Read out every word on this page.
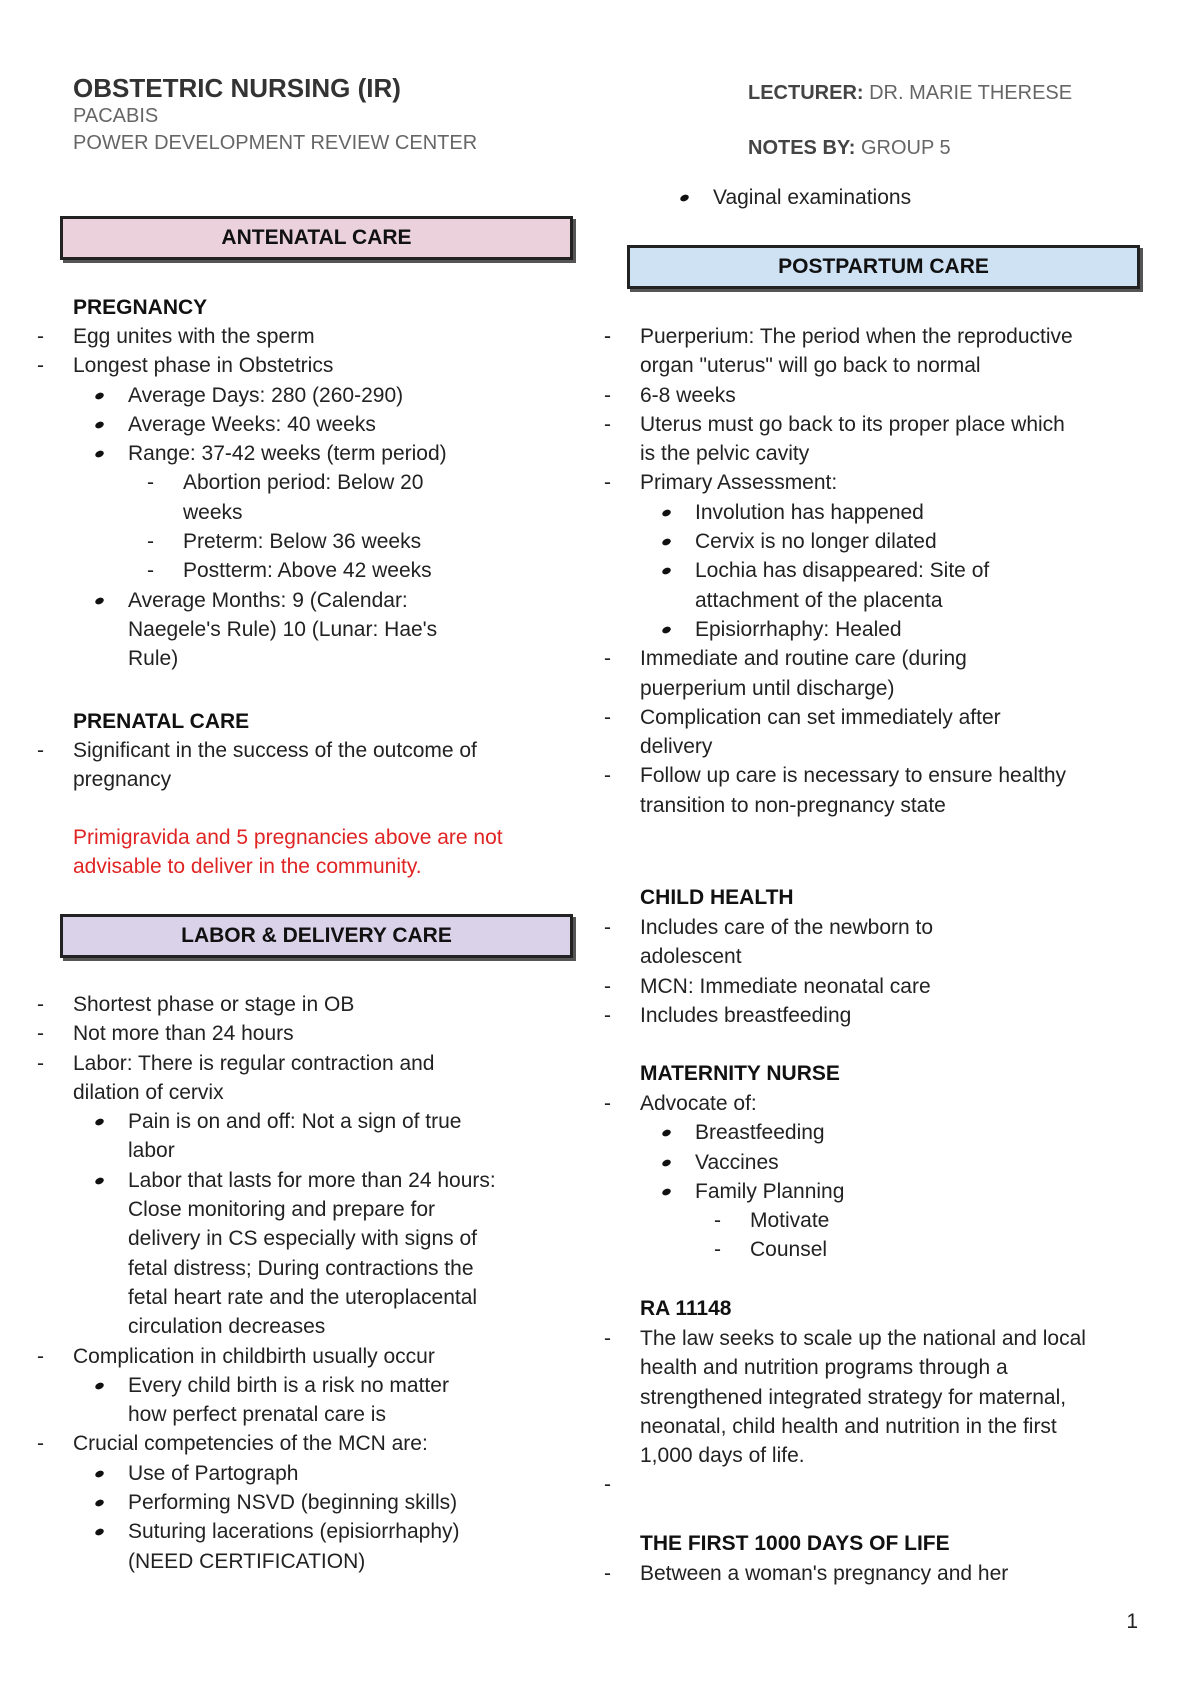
OBSTETRIC NURSING (IR)
PACABIS
POWER DEVELOPMENT REVIEW CENTER
LECTURER: DR. MARIE THERESE
NOTES BY: GROUP 5
ANTENATAL CARE
PREGNANCY
- Egg unites with the sperm
- Longest phase in Obstetrics
Average Days: 280 (260-290)
Average Weeks: 40 weeks
Range: 37-42 weeks (term period)
- Abortion period: Below 20 weeks
- Preterm: Below 36 weeks
- Postterm: Above 42 weeks
Average Months: 9 (Calendar: Naegele's Rule) 10 (Lunar: Hae's Rule)
PRENATAL CARE
- Significant in the success of the outcome of pregnancy
Primigravida and 5 pregnancies above are not advisable to deliver in the community.
LABOR & DELIVERY CARE
- Shortest phase or stage in OB
- Not more than 24 hours
- Labor: There is regular contraction and dilation of cervix
Pain is on and off: Not a sign of true labor
Labor that lasts for more than 24 hours: Close monitoring and prepare for delivery in CS especially with signs of fetal distress; During contractions the fetal heart rate and the uteroplacental circulation decreases
- Complication in childbirth usually occur
Every child birth is a risk no matter how perfect prenatal care is
- Crucial competencies of the MCN are:
Use of Partograph
Performing NSVD (beginning skills)
Suturing lacerations (episiorrhaphy) (NEED CERTIFICATION)
Vaginal examinations
POSTPARTUM CARE
- Puerperium: The period when the reproductive organ "uterus" will go back to normal
- 6-8 weeks
- Uterus must go back to its proper place which is the pelvic cavity
- Primary Assessment:
Involution has happened
Cervix is no longer dilated
Lochia has disappeared: Site of attachment of the placenta
Episiorrhaphy: Healed
- Immediate and routine care (during puerperium until discharge)
- Complication can set immediately after delivery
- Follow up care is necessary to ensure healthy transition to non-pregnancy state
CHILD HEALTH
- Includes care of the newborn to adolescent
- MCN: Immediate neonatal care
- Includes breastfeeding
MATERNITY NURSE
- Advocate of:
Breastfeeding
Vaccines
Family Planning
- Motivate
- Counsel
RA 11148
- The law seeks to scale up the national and local health and nutrition programs through a strengthened integrated strategy for maternal, neonatal, child health and nutrition in the first 1,000 days of life.
-
THE FIRST 1000 DAYS OF LIFE
- Between a woman's pregnancy and her
1
